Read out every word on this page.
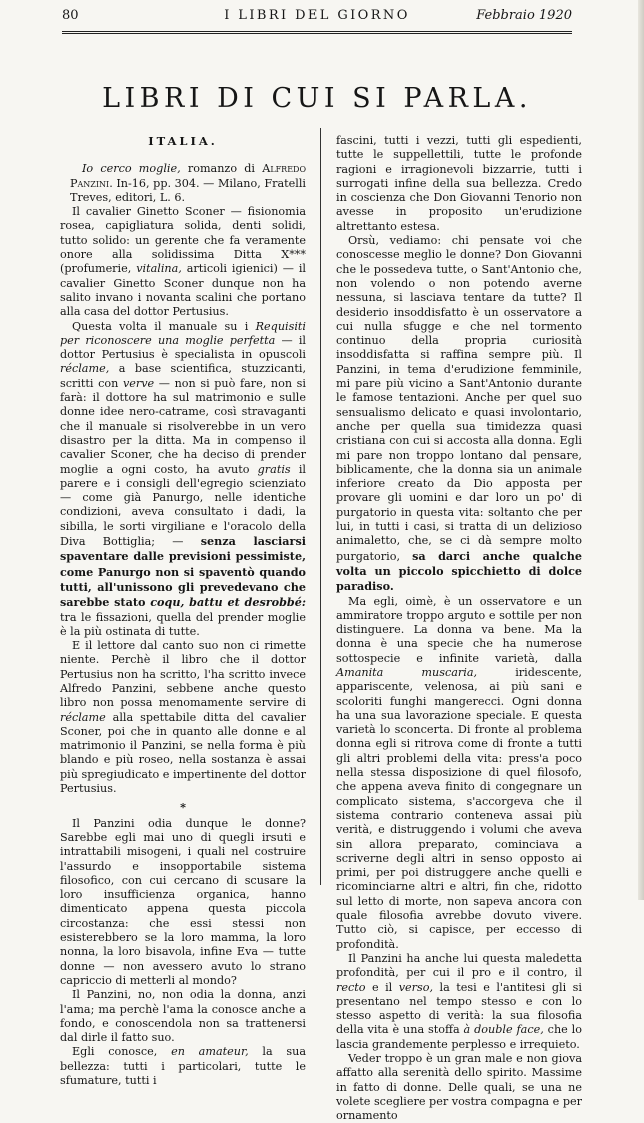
80	I LIBRI DEL GIORNO	Febbraio 1920
LIBRI DI CUI SI PARLA.
ITALIA.

Io cerco moglie, romanzo di Alfredo Panzini. In-16, pp. 304. — Milano, Fratelli Treves, editori, L. 6.

Il cavalier Ginetto Sconer — fisionomia rosea, capigliatura solida, denti solidi, tutto solido: un gerente che fa veramente onore alla solidissima Ditta X*** (profumerie, vitalina, articoli igienici) — il cavalier Ginetto Sconer dunque non ha salito invano i novanta scalini che portano alla casa del dottor Pertusius.

Questa volta il manuale su i Requisiti per riconoscere una moglie perfetta — il dottor Pertusius è specialista in opuscoli réclame, a base scientifica, stuzzicanti, scritti con verve — non si può fare, non si farà: il dottore ha sul matrimonio e sulle donne idee nero-catrame, così stravaganti che il manuale si risolverebbe in un vero disastro per la ditta. Ma in compenso il cavalier Sconer, che ha deciso di prender moglie a ogni costo, ha avuto gratis il parere e i consigli dell'egregio scienziato — come già Panurgo, nelle identiche condizioni, aveva consultato i dadi, la sibilla, le sorti virgiliane e l'oracolo della Diva Bottiglia; — senza lasciarsi spaventare dalle previsioni pessimiste, come Panurgo non si spaventò quando tutti, all'unissono gli prevedevano che sarebbe stato coqu, battu et desrobbé: tra le fissazioni, quella del prender moglie è la più ostinata di tutte.

E il lettore dal canto suo non ci rimette niente. Perchè il libro che il dottor Pertusius non ha scritto, l'ha scritto invece Alfredo Panzini, sebbene anche questo libro non possa menomamente servire di réclame alla spettabile ditta del cavalier Sconer, poi che in quanto alle donne e al matrimonio il Panzini, se nella forma è più blando e più roseo, nella sostanza è assai più spregiudicato e impertinente del dottor Pertusius.

*

Il Panzini odia dunque le donne? Sarebbe egli mai uno di quegli irsuti e intrattabili misogeni, i quali nel costruire l'assurdo e insopportabile sistema filosofico, con cui cercano di scusare la loro insufficienza organica, hanno dimenticato appena questa piccola circostanza: che essi stessi non esisterebbero se la loro mamma, la loro nonna, la loro bisavola, infine Eva — tutte donne — non avessero avuto lo strano capriccio di metterli al mondo?

Il Panzini, no, non odia la donna, anzi l'ama; ma perchè l'ama la conosce anche a fondo, e conoscendola non sa trattenersi dal dirle il fatto suo.

Egli conosce, en amateur, la sua bellezza: tutti i particolari, tutte le sfumature, tutti i

fascini, tutti i vezzi, tutti gli espedienti, tutte le suppellettili, tutte le profonde ragioni e irragionevoli bizzarrie, tutti i surrogati infine della sua bellezza. Credo in coscienza che Don Giovanni Tenorio non avesse in proposito un'erudizione altrettanto estesa.

Orsù, vediamo: chi pensate voi che conoscesse meglio le donne? Don Giovanni che le possedeva tutte, o Sant'Antonio che, non volendo o non potendo averne nessuna, si lasciava tentare da tutte? Il desiderio insoddisfatto è un osservatore a cui nulla sfugge e che nel tormento continuo della propria curiosità insoddisfatta si raffina sempre più. Il Panzini, in tema d'erudizione femminile, mi pare più vicino a Sant'Antonio durante le famose tentazioni. Anche per quel suo sensualismo delicato e quasi involontario, anche per quella sua timidezza quasi cristiana con cui si accosta alla donna. Egli mi pare non troppo lontano dal pensare, biblicamente, che la donna sia un animale inferiore creato da Dio apposta per provare gli uomini e dar loro un po' di purgatorio in questa vita: soltanto che per lui, in tutti i casi, si tratta di un delizioso animaletto, che, se ci dà sempre molto purgatorio, sa darci anche qualche volta un piccolo spicchietto di dolce paradiso.

Ma egli, oimè, è un osservatore e un ammiratore troppo arguto e sottile per non distinguere. La donna va bene. Ma la donna è una specie che ha numerose sottospecie e infinite varietà, dalla Amanita muscaria, iridescente, appariscente, velenosa, ai più sani e scoloriti funghi mangerecci. Ogni donna ha una sua lavorazione speciale. E questa varietà lo sconcerta. Di fronte al problema donna egli si ritrova come di fronte a tutti gli altri problemi della vita: press'a poco nella stessa disposizione di quel filosofo, che appena aveva finito di congegnare un complicato sistema, s'accorgeva che il sistema contrario conteneva assai più verità, e distruggendo i volumi che aveva sin allora preparato, cominciava a scriverne degli altri in senso opposto ai primi, per poi distruggere anche quelli e ricominciarne altri e altri, fin che, ridotto sul letto di morte, non sapeva ancora con quale filosofia avrebbe dovuto vivere. Tutto ciò, si capisce, per eccesso di profondità.

Il Panzini ha anche lui questa maledetta profondità, per cui il pro e il contro, il recto e il verso, la tesi e l'antitesi gli si presentano nel tempo stesso e con lo stesso aspetto di verità: la sua filosofia della vita è una stoffa à double face, che lo lascia grandemente perplesso e irrequieto.

Veder troppo è un gran male e non giova affatto alla serenità dello spirito. Massime in fatto di donne. Delle quali, se una ne volete scegliere per vostra compagna e per ornamento
